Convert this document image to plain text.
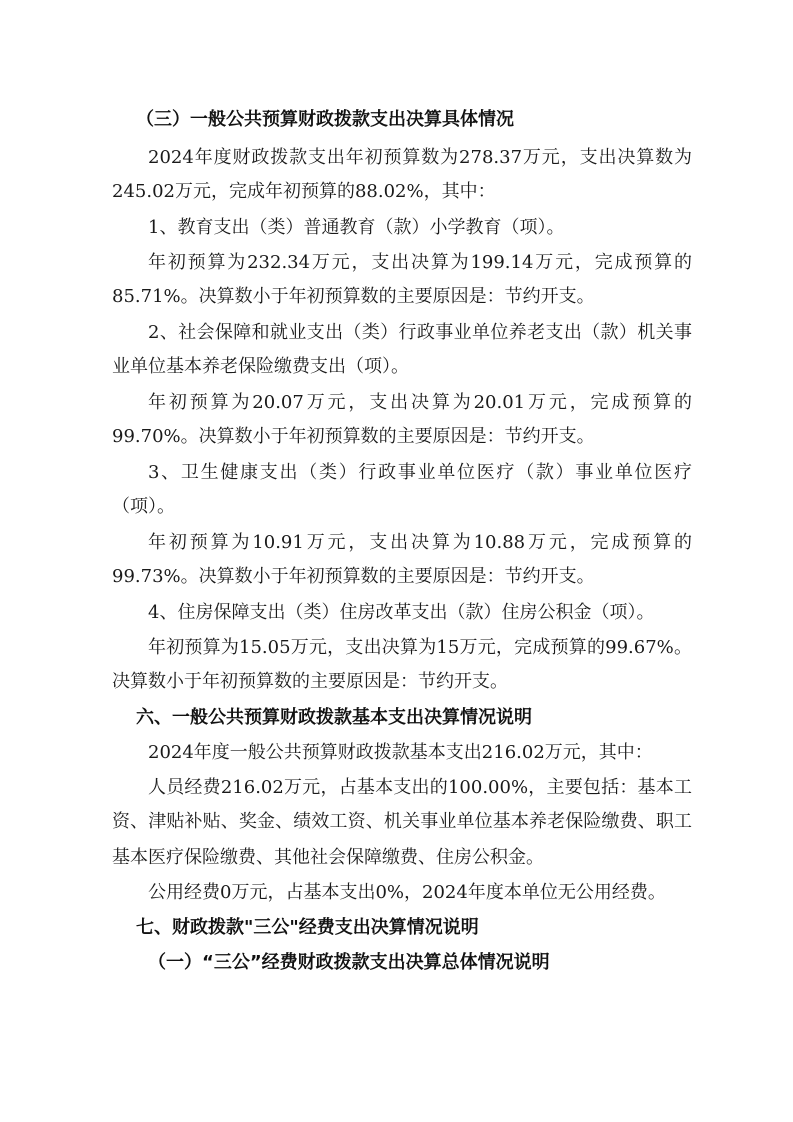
（三）一般公共预算财政拨款支出决算具体情况
2024年度财政拨款支出年初预算数为278.37万元，支出决算数为
245.02万元，完成年初预算的88.02%，其中：
1、教育支出（类）普通教育（款）小学教育（项）。
年初预算为232.34万元，支出决算为199.14万元，完成预算的
85.71%。决算数小于年初预算数的主要原因是：节约开支。
2、社会保障和就业支出（类）行政事业单位养老支出（款）机关事
业单位基本养老保险缴费支出（项）。
年初预算为20.07万元，支出决算为20.01万元，完成预算的
99.70%。决算数小于年初预算数的主要原因是：节约开支。
3、卫生健康支出（类）行政事业单位医疗（款）事业单位医疗
（项）。
年初预算为10.91万元，支出决算为10.88万元，完成预算的
99.73%。决算数小于年初预算数的主要原因是：节约开支。
4、住房保障支出（类）住房改革支出（款）住房公积金（项）。
年初预算为15.05万元，支出决算为15万元，完成预算的99.67%。
决算数小于年初预算数的主要原因是：节约开支。
六、一般公共预算财政拨款基本支出决算情况说明
2024年度一般公共预算财政拨款基本支出216.02万元，其中：
人员经费216.02万元，占基本支出的100.00%，主要包括：基本工
资、津贴补贴、奖金、绩效工资、机关事业单位基本养老保险缴费、职工
基本医疗保险缴费、其他社会保障缴费、住房公积金。
公用经费0万元，占基本支出0%，2024年度本单位无公用经费。
七、财政拨款"三公"经费支出决算情况说明
（一）“三公”经费财政拨款支出决算总体情况说明
